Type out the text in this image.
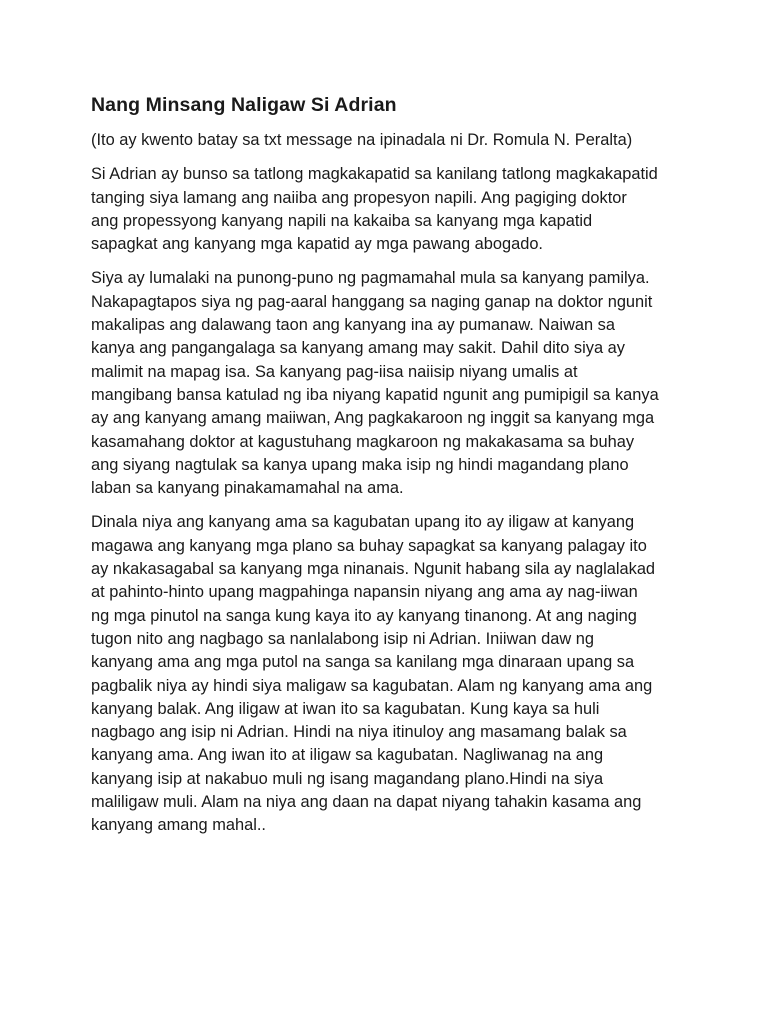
Nang Minsang Naligaw Si Adrian

(Ito ay kwento batay sa txt message na ipinadala ni Dr. Romula N. Peralta)

Si Adrian ay bunso sa tatlong magkakapatid sa kanilang tatlong magkakapatid
tanging siya lamang ang naiiba ang propesyon napili. Ang pagiging doktor
ang propessyong kanyang napili na kakaiba sa kanyang mga kapatid
sapagkat ang kanyang mga kapatid ay mga pawang abogado.

Siya ay lumalaki na punong-puno ng pagmamahal mula sa kanyang pamilya.
Nakapagtapos siya ng pag-aaral hanggang sa naging ganap na doktor ngunit
makalipas ang dalawang taon ang kanyang ina ay pumanaw. Naiwan sa
kanya ang pangangalaga sa kanyang amang may sakit. Dahil dito siya ay
malimit na mapag isa. Sa kanyang pag-iisa naiisip niyang umalis at
mangibang bansa katulad ng iba niyang kapatid ngunit ang pumipigil sa kanya
ay ang kanyang amang maiiwan, Ang pagkakaroon ng inggit sa kanyang mga
kasamahang doktor at kagustuhang magkaroon ng makakasama sa buhay
ang siyang nagtulak sa kanya upang maka isip ng hindi magandang plano
laban sa kanyang pinakamamahal na ama.

Dinala niya ang kanyang ama sa kagubatan upang ito ay iligaw at kanyang
magawa ang kanyang mga plano sa buhay sapagkat sa kanyang palagay ito
ay nkakasagabal sa kanyang mga ninanais. Ngunit habang sila ay naglalakad
at pahinto-hinto upang magpahinga napansin niyang ang ama ay nag-iiwan
ng mga pinutol na sanga kung kaya ito ay kanyang tinanong. At ang naging
tugon nito ang nagbago sa nanlalabong isip ni Adrian. Iniiwan daw ng
kanyang ama ang mga putol na sanga sa kanilang mga dinaraan upang sa
pagbalik niya ay hindi siya maligaw sa kagubatan. Alam ng kanyang ama ang
kanyang balak. Ang iligaw at iwan ito sa kagubatan. Kung kaya sa huli
nagbago ang isip ni Adrian. Hindi na niya itinuloy ang masamang balak sa
kanyang ama. Ang iwan ito at iligaw sa kagubatan. Nagliwanag na ang
kanyang isip at nakabuo muli ng isang magandang plano.Hindi na siya
maliligaw muli. Alam na niya ang daan na dapat niyang tahakin kasama ang
kanyang amang mahal..
